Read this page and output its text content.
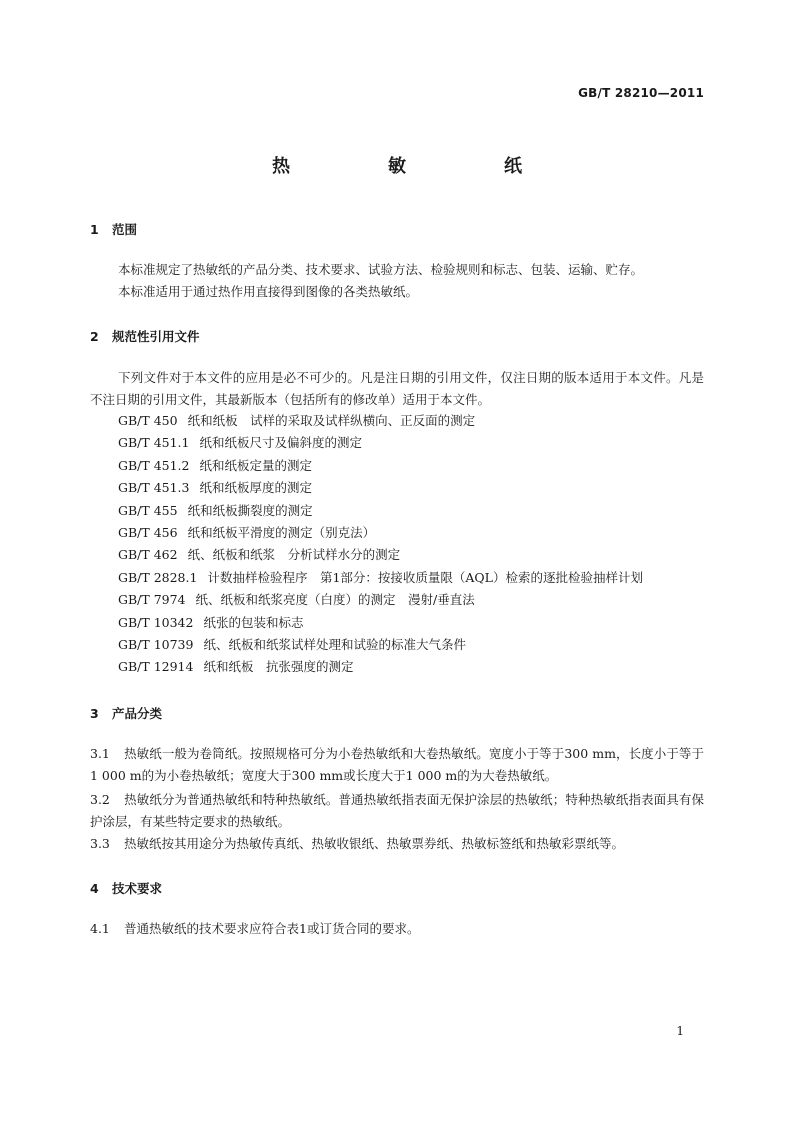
GB/T 28210—2011
热　敏　纸
1 范围
本标准规定了热敏纸的产品分类、技术要求、试验方法、检验规则和标志、包装、运输、贮存。
本标准适用于通过热作用直接得到图像的各类热敏纸。
2 规范性引用文件
下列文件对于本文件的应用是必不可少的。凡是注日期的引用文件，仅注日期的版本适用于本文件。凡是不注日期的引用文件，其最新版本（包括所有的修改单）适用于本文件。
GB/T 450 纸和纸板　试样的采取及试样纵横向、正反面的测定
GB/T 451.1 纸和纸板尺寸及偏斜度的测定
GB/T 451.2 纸和纸板定量的测定
GB/T 451.3 纸和纸板厚度的测定
GB/T 455 纸和纸板撕裂度的测定
GB/T 456 纸和纸板平滑度的测定（别克法）
GB/T 462 纸、纸板和纸浆　分析试样水分的测定
GB/T 2828.1 计数抽样检验程序　第1部分：按接收质量限（AQL）检索的逐批检验抽样计划
GB/T 7974 纸、纸板和纸浆亮度（白度）的测定　漫射/垂直法
GB/T 10342 纸张的包装和标志
GB/T 10739 纸、纸板和纸浆试样处理和试验的标准大气条件
GB/T 12914 纸和纸板　抗张强度的测定
3 产品分类
3.1 热敏纸一般为卷筒纸。按照规格可分为小卷热敏纸和大卷热敏纸。宽度小于等于300 mm，长度小于等于1 000 m的为小卷热敏纸；宽度大于300 mm或长度大于1 000 m的为大卷热敏纸。
3.2 热敏纸分为普通热敏纸和特种热敏纸。普通热敏纸指表面无保护涂层的热敏纸；特种热敏纸指表面具有保护涂层，有某些特定要求的热敏纸。
3.3 热敏纸按其用途分为热敏传真纸、热敏收银纸、热敏票券纸、热敏标签纸和热敏彩票纸等。
4 技术要求
4.1 普通热敏纸的技术要求应符合表1或订货合同的要求。
1
